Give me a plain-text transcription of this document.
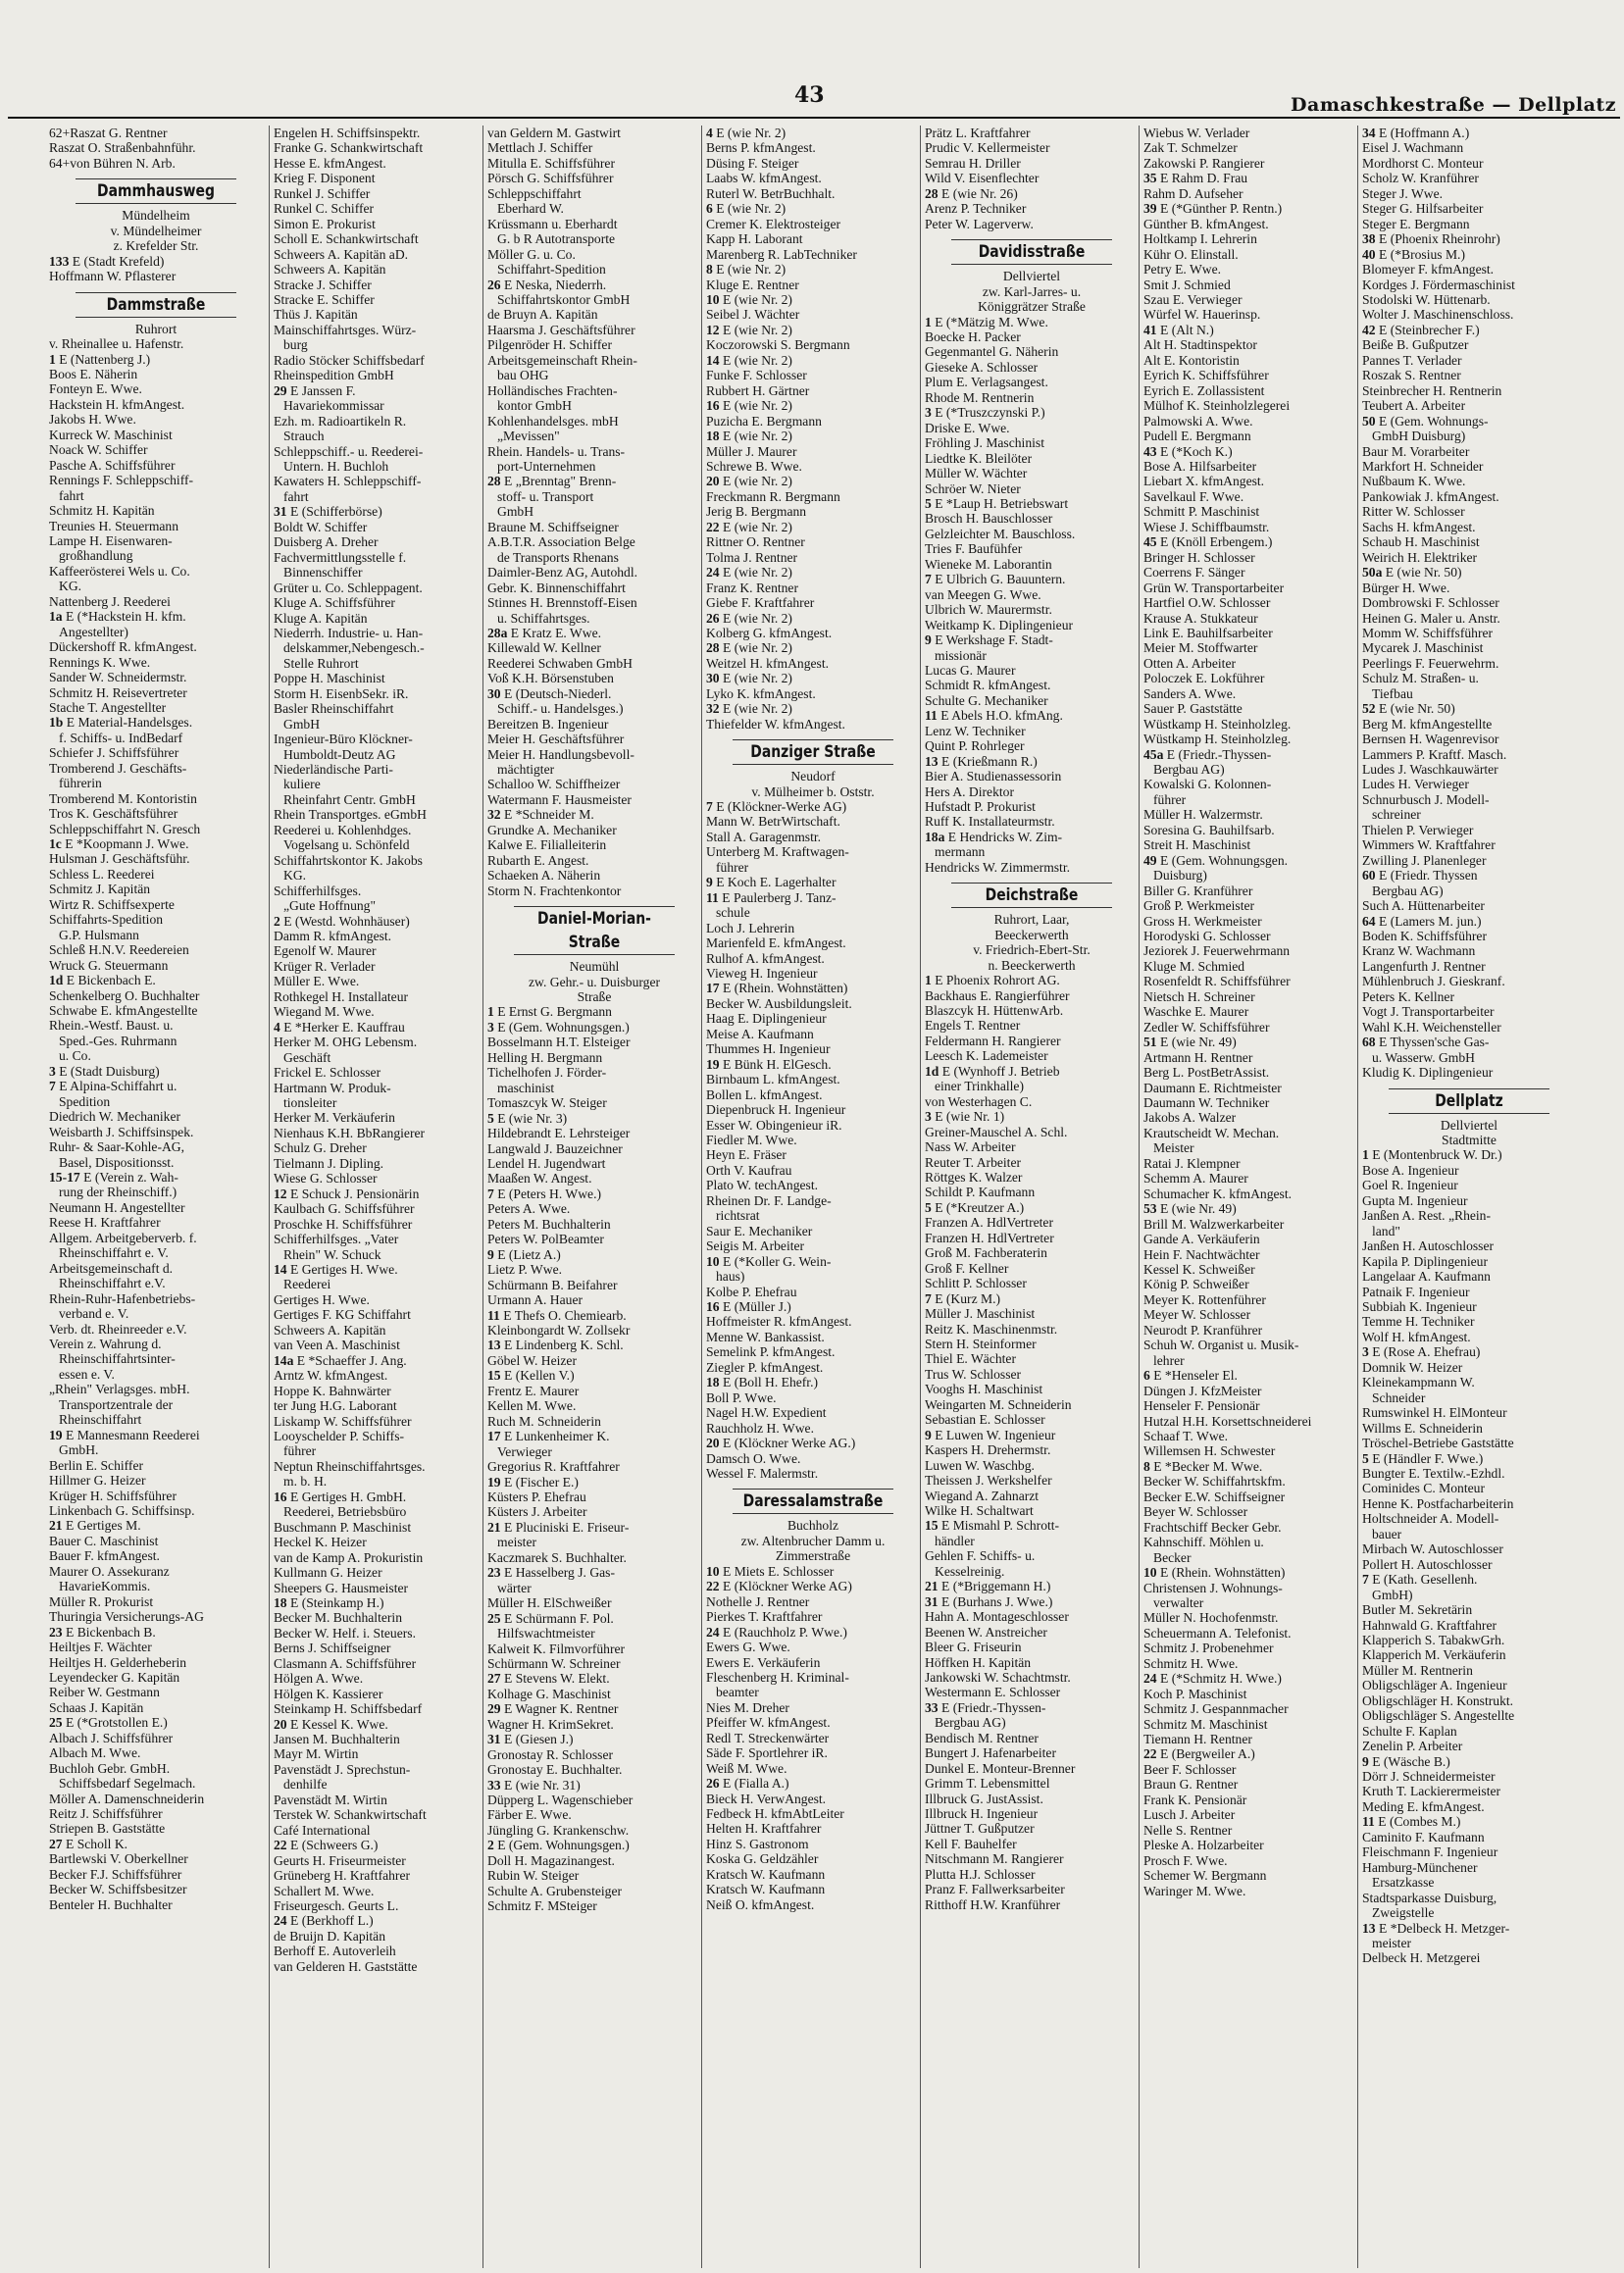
43	Damaschkestraße — Dellplatz
62+Raszat G. Rentner
Raszat O. Straßenbahnführ.
64+von Bühren N. Arb.
Dammhausweg
Mündelheim
v. Mündelheimer
z. Krefelder Str.
133 E (Stadt Krefeld)
Hoffmann W. Pflasterer
Dammstraße
Ruhrort
v. Rheinallee u. Hafenstr.
1 E (Nattenberg J.)
Boos E. Näherin
Fonteyn E. Wwe.
Hackstein H. kfmAngest.
Jakobs H. Wwe.
Kurreck W. Maschinist
Noack W. Schiffer
Pasche A. Schiffsführer
Rennings F. Schleppschiff-
fahrt
Schmitz H. Kapitän
Treunies H. Steuermann
Lampe H. Eisenwaren-
großhandlung
Kaffeerösterei Wels u. Co.
KG.
Nattenberg J. Reederei
1a E (*Hackstein H. kfm.
Angestellter)
Dückershoff R. kfmAngest.
Rennings K. Wwe.
Sander W. Schneidermstr.
Schmitz H. Reisevertreter
Stache T. Angestellter
1b E Material-Handelsges.
f. Schiffs- u. IndBedarf
Schiefer J. Schiffsführer
Tromberend J. Geschäfts-
führerin
Tromberend M. Kontoristin
Tros K. Geschäftsführer
Schleppschiffahrt N. Gresch
1c E *Koopmann J. Wwe.
Hulsman J. Geschäftsführ.
Schless L. Reederei
Schmitz J. Kapitän
Wirtz R. Schiffsexperte
Schiffahrts-Spedition
G.P. Hulsmann
Schleß H.N.V. Reedereien
Wruck G. Steuermann
1d E Bickenbach E.
Schenkelberg O. Buchhalter
Schwabe E. kfmAngestellte
Rhein.-Westf. Baust. u.
Sped.-Ges. Ruhrmann
u. Co.
3 E (Stadt Duisburg)
7 E Alpina-Schiffahrt u.
Spedition
Diedrich W. Mechaniker
Weisbarth J. Schiffsinspek.
Ruhr- & Saar-Kohle-AG,
Basel, Dispositionsst.
15-17 E (Verein z. Wah-
rung der Rheinschiff.)
Neumann H. Angestellter
Reese H. Kraftfahrer
Allgem. Arbeitgeberverb. f.
Rheinschiffahrt e. V.
Arbeitsgemeinschaft d.
Rheinschiffahrt e.V.
Rhein-Ruhr-Hafenbetriebs-
verband e. V.
Verb. dt. Rheinreeder e.V.
Verein z. Wahrung d.
Rheinschiffahrtsinter-
essen e. V.
„Rhein" Verlagsges. mbH.
Transportzentrale der
Rheinschiffahrt
19 E Mannesmann Reederei
GmbH.
Berlin E. Schiffer
Hillmer G. Heizer
Krüger H. Schiffsführer
Linkenbach G. Schiffsinsp.
21 E Gertiges M.
Bauer C. Maschinist
Bauer F. kfmAngest.
Maurer O. Assekuranz
HavarieKommis.
Müller R. Prokurist
Thuringia Versicherungs-AG
23 E Bickenbach B.
Heiltjes F. Wächter
Heiltjes H. Gelderheberin
Leyendecker G. Kapitän
Reiber W. Gestmann
Schaas J. Kapitän
25 E (*Grotstollen E.)
Albach J. Schiffsführer
Albach M. Wwe.
Buchloh Gebr. GmbH.
Schiffsbedarf Segelmach.
Möller A. Damenschneiderin
Reitz J. Schiffsführer
Striepen B. Gaststätte
27 E Scholl K.
Bartlewski V. Oberkellner
Becker F.J. Schiffsführer
Becker W. Schiffsbesitzer
Benteler H. Buchhalter
Engelen H. Schiffsinspektr.
Franke G. Schankwirtschaft
Hesse E. kfmAngest.
Krieg F. Disponent
Runkel J. Schiffer
Runkel C. Schiffer
Simon E. Prokurist
Scholl E. Schankwirtschaft
Schweers A. Kapitän aD.
Schweers A. Kapitän
Stracke J. Schiffer
Stracke E. Schiffer
Thüs J. Kapitän
Mainschiffahrtsges. Würz-
burg
Radio Stöcker Schiffsbedarf
Rheinspedition GmbH
29 E Janssen F.
Havariekommissar
Ezh. m. Radioartikeln R.
Strauch
Schleppschiff.- u. Reederei-
Untern. H. Buchloh
Kawaters H. Schleppschiff-
fahrt
31 E (Schifferbörse)
Boldt W. Schiffer
Duisberg A. Dreher
Fachvermittlungsstelle f.
Binnenschiffer
Grüter u. Co. Schleppagent.
Kluge A. Schiffsführer
Kluge A. Kapitän
Niederrh. Industrie- u. Han-
delskammer,Nebengesch.-
Stelle Ruhrort
Poppe H. Maschinist
Storm H. EisenbSekr. iR.
Basler Rheinschiffahrt
GmbH
Ingenieur-Büro Klöckner-
Humboldt-Deutz AG
Niederländische Parti-
kuliere
Rheinfahrt Centr. GmbH
Rhein Transportges. eGmbH
Reederei u. Kohlenhdges.
Vogelsang u. Schönfeld
Schiffahrtskontor K. Jakobs
KG.
Schifferhilfsges.
„Gute Hoffnung"
2 E (Westd. Wohnhäuser)
Damm R. kfmAngest.
Egenolf W. Maurer
Krüger R. Verlader
Müller E. Wwe.
Rothkegel H. Installateur
Wiegand M. Wwe.
4 E *Herker E. Kauffrau
Herker M. OHG Lebensm.
Geschäft
Frickel E. Schlosser
Hartmann W. Produk-
tionsleiter
Herker M. Verkäuferin
Nienhaus K.H. BbRangierer
Schulz G. Dreher
Tielmann J. Dipling.
Wiese G. Schlosser
12 E Schuck J. Pensionärin
Kaulbach G. Schiffsführer
Proschke H. Schiffsführer
Schifferhilfsges. „Vater
Rhein" W. Schuck
14 E Gertiges H. Wwe.
Reederei
Gertiges H. Wwe.
Gertiges F. KG Schiffahrt
Schweers A. Kapitän
van Veen A. Maschinist
14a E *Schaeffer J. Ang.
Arntz W. kfmAngest.
Hoppe K. Bahnwärter
ter Jung H.G. Laborant
Liskamp W. Schiffsführer
Looyschelder P. Schiffs-
führer
Neptun Rheinschiffahrtsges.
m. b. H.
16 E Gertiges H. GmbH.
Reederei, Betriebsbüro
Buschmann P. Maschinist
Heckel K. Heizer
van de Kamp A. Prokuristin
Kullmann G. Heizer
Sheepers G. Hausmeister
18 E (Steinkamp H.)
Becker M. Buchhalterin
Becker W. Helf. i. Steuers.
Berns J. Schiffseigner
Clasmann A. Schiffsführer
Hölgen A. Wwe.
Hölgen K. Kassierer
Steinkamp H. Schiffsbedarf
20 E Kessel K. Wwe.
Jansen M. Buchhalterin
Mayr M. Wirtin
Pavenstädt J. Sprechstun-
denhilfe
Pavenstädt M. Wirtin
Terstek W. Schankwirtschaft
Café International
22 E (Schweers G.)
Geurts H. Friseurmeister
Grüneberg H. Kraftfahrer
Schallert M. Wwe.
Friseurgesch. Geurts L.
24 E (Berkhoff L.)
de Bruijn D. Kapitän
Berhoff E. Autoverleih
van Gelderen H. Gaststätte
van Geldern M. Gastwirt
Mettlach J. Schiffer
Mitulla E. Schiffsführer
Pörsch G. Schiffsführer
Schleppschiffahrt
Eberhard W.
Krüssmann u. Eberhardt
G. b R Autotransporte
Möller G. u. Co.
Schiffahrt-Spedition
26 E Neska, Niederrh.
Schiffahrtskontor GmbH
de Bruyn A. Kapitän
Haarsma J. Geschäftsführer
Pilgenröder H. Schiffer
Arbeitsgemeinschaft Rhein-
bau OHG
Holländisches Frachten-
kontor GmbH
Kohlenhandelsges. mbH
„Mevissen"
Rhein. Handels- u. Trans-
port-Unternehmen
28 E „Brenntag" Brenn-
stoff- u. Transport
GmbH
Braune M. Schiffseigner
A.B.T.R. Association Belge
de Transports Rhenans
Daimler-Benz AG, Autohdl.
Gebr. K. Binnenschiffahrt
Stinnes H. Brennstoff-Eisen
u. Schiffahrtsges.
28a E Kratz E. Wwe.
Killewald W. Kellner
Reederei Schwaben GmbH
Voß K.H. Börsenstuben
30 E (Deutsch-Niederl.
Schiff.- u. Handelsges.)
Bereitzen B. Ingenieur
Meier H. Geschäftsführer
Meier H. Handlungsbevoll-
mächtigter
Schalloo W. Schiffheizer
Watermann F. Hausmeister
32 E *Schneider M.
Grundke A. Mechaniker
Kalwe E. Filialleiterin
Rubarth E. Angest.
Schaeken A. Näherin
Storm N. Frachtenkontor
Daniel-Morian-Straße
Neumühl
zw. Gehr.- u. Duisburger
Straße
1 E Ernst G. Bergmann
3 E (Gem. Wohnungsgen.)
Bosselmann H.T. Elsteiger
Helling H. Bergmann
Tichelhofen J. Förder-
maschinist
Tomaszcyk W. Steiger
5 E (wie Nr. 3)
Hildebrandt E. Lehrsteiger
Langwald J. Bauzeichner
Lendel H. Jugendwart
Maaßen W. Angest.
7 E (Peters H. Wwe.)
Peters A. Wwe.
Peters M. Buchhalterin
Peters W. PolBeamter
9 E (Lietz A.)
Lietz P. Wwe.
Schürmann B. Beifahrer
Urmann A. Hauer
11 E Thefs O. Chemiearb.
Kleinbongardt W. Zollsekr
13 E Lindenberg K. Schl.
Göbel W. Heizer
15 E (Kellen V.)
Frentz E. Maurer
Kellen M. Wwe.
Ruch M. Schneiderin
17 E Lunkenheimer K.
Verwieger
Gregorius R. Kraftfahrer
19 E (Fischer E.)
Küsters P. Ehefrau
Küsters J. Arbeiter
21 E Pluciniski E. Friseur-
meister
Kaczmarek S. Buchhalter.
23 E Hasselberg J. Gas-
wärter
Müller H. ElSchweißer
25 E Schürmann F. Pol.
Hilfswachtmeister
Kalweit K. Filmvorführer
Schürmann W. Schreiner
27 E Stevens W. Elekt.
Kolhage G. Maschinist
29 E Wagner K. Rentner
Wagner H. KrimSekret.
31 E (Giesen J.)
Gronostay R. Schlosser
Gronostay E. Buchhalter.
33 E (wie Nr. 31)
Düpperg L. Wagenschieber
Färber E. Wwe.
Jüngling G. Krankenschw.
2 E (Gem. Wohnungsgen.)
Doll H. Magazinangest.
Rubin W. Steiger
Schulte A. Grubensteiger
Schmitz F. MSteiger
4 E (wie Nr. 2)
Berns P. kfmAngest.
Düsing F. Steiger
Laabs W. kfmAngest.
Ruterl W. BetrBuchhalt.
6 E (wie Nr. 2)
Cremer K. Elektrosteiger
Kapp H. Laborant
Marenberg R. LabTechniker
8 E (wie Nr. 2)
Kluge E. Rentner
10 E (wie Nr. 2)
Seibel J. Wächter
12 E (wie Nr. 2)
Koczorowski S. Bergmann
14 E (wie Nr. 2)
Funke F. Schlosser
Rubbert H. Gärtner
16 E (wie Nr. 2)
Puzicha E. Bergmann
18 E (wie Nr. 2)
Müller J. Maurer
Schrewe B. Wwe.
20 E (wie Nr. 2)
Freckmann R. Bergmann
Jerig B. Bergmann
22 E (wie Nr. 2)
Rittner O. Rentner
Tolma J. Rentner
24 E (wie Nr. 2)
Franz K. Rentner
Giebe F. Kraftfahrer
26 E (wie Nr. 2)
Kolberg G. kfmAngest.
28 E (wie Nr. 2)
Weitzel H. kfmAngest.
30 E (wie Nr. 2)
Lyko K. kfmAngest.
32 E (wie Nr. 2)
Thiefelder W. kfmAngest.
Danziger Straße
Neudorf
v. Mülheimer b. Oststr.
7 E (Klöckner-Werke AG)
Mann W. BetrWirtschaft.
Stall A. Garagenmstr.
Unterberg M. Kraftwagen-
führer
9 E Koch E. Lagerhalter
11 E Paulerberg J. Tanz-
schule
Loch J. Lehrerin
Marienfeld E. kfmAngest.
Rulhof A. kfmAngest.
Vieweg H. Ingenieur
17 E (Rhein. Wohnstätten)
Becker W. Ausbildungsleit.
Haag E. Diplingenieur
Meise A. Kaufmann
Thummes H. Ingenieur
19 E Bünk H. ElGesch.
Birnbaum L. kfmAngest.
Bollen L. kfmAngest.
Diepenbruck H. Ingenieur
Esser W. Obingenieur iR.
Fiedler M. Wwe.
Heyn E. Fräser
Orth V. Kaufrau
Plato W. techAngest.
Rheinen Dr. F. Landge-
richtsrat
Saur E. Mechaniker
Seigis M. Arbeiter
10 E (*Koller G. Wein-
haus)
Kolbe P. Ehefrau
16 E (Müller J.)
Hoffmeister R. kfmAngest.
Menne W. Bankassist.
Semelink P. kfmAngest.
Ziegler P. kfmAngest.
18 E (Boll H. Ehefr.)
Boll P. Wwe.
Nagel H.W. Expedient
Rauchholz H. Wwe.
20 E (Klöckner Werke AG.)
Damsch O. Wwe.
Wessel F. Malermstr.
Daressalamstraße
Buchholz
zw. Altenbrucher Damm u.
Zimmerstraße
10 E Miets E. Schlosser
22 E (Klöckner Werke AG)
Nothelle J. Rentner
Pierkes T. Kraftfahrer
24 E (Rauchholz P. Wwe.)
Ewers G. Wwe.
Ewers E. Verkäuferin
Fleschenberg H. Kriminal-
beamter
Nies M. Dreher
Pfeiffer W. kfmAngest.
Redl T. Streckenwärter
Säde F. Sportlehrer iR.
Weiß M. Wwe.
26 E (Fialla A.)
Bieck H. VerwAngest.
Fedbeck H. kfmAbtLeiter
Helten H. Kraftfahrer
Hinz S. Gastronom
Koska G. Geldzähler
Kratsch W. Kaufmann
Kratsch W. Kaufmann
Neiß O. kfmAngest.
Prätz L. Kraftfahrer
Prudic V. Kellermeister
Semrau H. Driller
Wild V. Eisenflechter
28 E (wie Nr. 26)
Arenz P. Techniker
Peter W. Lagerverw.
Davidisstraße
Dellviertel
zw. Karl-Jarres- u.
Königgrätzer Straße
1 E (*Mätzig M. Wwe.
Boecke H. Packer
Gegenmantel G. Näherin
Gieseke A. Schlosser
Plum E. Verlagsangest.
Rhode M. Rentnerin
3 E (*Truszczynski P.)
Driske E. Wwe.
Fröhling J. Maschinist
Liedtke K. Bleilöter
Müller W. Wächter
Schröer W. Nieter
5 E *Laup H. Betriebswart
Brosch H. Bauschlosser
Gelzleichter M. Bauschloss.
Tries F. Baufühfer
Wieneke M. Laborantin
7 E Ulbrich G. Bauuntern.
van Meegen G. Wwe.
Ulbrich W. Maurermstr.
Weitkamp K. Diplingenieur
9 E Werkshage F. Stadt-
missionär
Lucas G. Maurer
Schmidt R. kfmAngest.
Schulte G. Mechaniker
11 E Abels H.O. kfmAng.
Lenz W. Techniker
Quint P. Rohrleger
13 E (Krießmann R.)
Bier A. Studienassessorin
Hers A. Direktor
Hufstadt P. Prokurist
Ruff K. Installateurmstr.
18a E Hendricks W. Zim-
mermann
Hendricks W. Zimmermstr.
Deichstraße
Ruhrort, Laar,
Beeckerwerth
v. Friedrich-Ebert-Str.
n. Beeckerwerth
1 E Phoenix Rohrort AG.
Backhaus E. Rangierführer
Blaszcyk H. HüttenwArb.
Engels T. Rentner
Feldermann H. Rangierer
Leesch K. Lademeister
1d E (Wynhoff J. Betrieb
einer Trinkhalle)
von Westerhagen C.
3 E (wie Nr. 1)
Greiner-Mauschel A. Schl.
Nass W. Arbeiter
Reuter T. Arbeiter
Röttges K. Walzer
Schildt P. Kaufmann
5 E (*Kreutzer A.)
Franzen A. HdlVertreter
Franzen H. HdlVertreter
Groß M. Fachberaterin
Groß F. Kellner
Schlitt P. Schlosser
7 E (Kurz M.)
Müller J. Maschinist
Reitz K. Maschinenmstr.
Stern H. Steinformer
Thiel E. Wächter
Trus W. Schlosser
Vooghs H. Maschinist
Weingarten M. Schneiderin
Sebastian E. Schlosser
9 E Luwen W. Ingenieur
Kaspers H. Drehermstr.
Luwen W. Waschbg.
Theissen J. Werkshelfer
Wiegand A. Zahnarzt
Wilke H. Schaltwart
15 E Mismahl P. Schrott-
händler
Gehlen F. Schiffs- u.
Kesselreinig.
21 E (*Briggemann H.)
31 E (Burhans J. Wwe.)
Hahn A. Montageschlosser
Beenen W. Anstreicher
Bleer G. Friseurin
Höffken H. Kapitän
Jankowski W. Schachtmstr.
Westermann E. Schlosser
33 E (Friedr.-Thyssen-
Bergbau AG)
Bendisch M. Rentner
Bungert J. Hafenarbeiter
Dunkel E. Monteur-Brenner
Grimm T. Lebensmittel
Illbruck G. JustAssist.
Illbruck H. Ingenieur
Jüttner T. Gußputzer
Kell F. Bauhelfer
Nitschmann M. Rangierer
Plutta H.J. Schlosser
Pranz F. Fallwerksarbeiter
Ritthoff H.W. Kranführer
Wiebus W. Verlader
Zak T. Schmelzer
Zakowski P. Rangierer
35 E Rahm D. Frau
Rahm D. Aufseher
39 E (*Günther P. Rentn.)
Günther B. kfmAngest.
Holtkamp I. Lehrerin
Kühr O. Elinstall.
Petry E. Wwe.
Smit J. Schmied
Szau E. Verwieger
Würfel W. Hauerinsp.
41 E (Alt N.)
Alt H. Stadtinspektor
Alt E. Kontoristin
Eyrich K. Schiffsführer
Eyrich E. Zollassistent
Mülhof K. Steinholzlegerei
Palmowski A. Wwe.
Pudell E. Bergmann
43 E (*Koch K.)
Bose A. Hilfsarbeiter
Liebart X. kfmAngest.
Savelkaul F. Wwe.
Schmitt P. Maschinist
Wiese J. Schiffbaumstr.
45 E (Knöll Erbengem.)
Bringer H. Schlosser
Coerrens F. Sänger
Grün W. Transportarbeiter
Hartfiel O.W. Schlosser
Krause A. Stukkateur
Link E. Bauhilfsarbeiter
Meier M. Stoffwarter
Otten A. Arbeiter
Poloczek E. Lokführer
Sanders A. Wwe.
Sauer P. Gaststätte
Wüstkamp H. Steinholzleg.
Wüstkamp H. Steinholzleg.
45a E (Friedr.-Thyssen-
Bergbau AG)
Kowalski G. Kolonnen-
führer
Müller H. Walzermstr.
Soresina G. Bauhilfsarb.
Streit H. Maschinist
49 E (Gem. Wohnungsgen.
Duisburg)
Biller G. Kranführer
Groß P. Werkmeister
Gross H. Werkmeister
Horodyski G. Schlosser
Jeziorek J. Feuerwehrmann
Kluge M. Schmied
Rosenfeldt R. Schiffsführer
Nietsch H. Schreiner
Waschke E. Maurer
Zedler W. Schiffsführer
51 E (wie Nr. 49)
Artmann H. Rentner
Berg L. PostBetrAssist.
Daumann E. Richtmeister
Daumann W. Techniker
Jakobs A. Walzer
Krautscheidt W. Mechan.
Meister
Ratai J. Klempner
Schemm A. Maurer
Schumacher K. kfmAngest.
53 E (wie Nr. 49)
Brill M. Walzwerkarbeiter
Gande A. Verkäuferin
Hein F. Nachtwächter
Kessel K. Schweißer
König P. Schweißer
Meyer K. Rottenführer
Meyer W. Schlosser
Neurodt P. Kranführer
Schuh W. Organist u. Musik-
lehrer
6 E *Henseler El.
Düngen J. KfzMeister
Henseler F. Pensionär
Hutzal H.H. Korsettschneiderei
Schaaf T. Wwe.
Willemsen H. Schwester
8 E *Becker M. Wwe.
Becker W. Schiffahrtskfm.
Becker E.W. Schiffseigner
Beyer W. Schlosser
Frachtschiff Becker Gebr.
Kahnschiff. Möhlen u.
Becker
10 E (Rhein. Wohnstätten)
Christensen J. Wohnungs-
verwalter
Müller N. Hochofenmstr.
Scheuermann A. Telefonist.
Schmitz J. Probenehmer
Schmitz H. Wwe.
24 E (*Schmitz H. Wwe.)
Koch P. Maschinist
Schmitz J. Gespannmacher
Schmitz M. Maschinist
Tiemann H. Rentner
22 E (Bergweiler A.)
Beer F. Schlosser
Braun G. Rentner
Frank K. Pensionär
Lusch J. Arbeiter
Nelle S. Rentner
Pleske A. Holzarbeiter
Prosch F. Wwe.
Schemer W. Bergmann
Waringer M. Wwe.
34 E (Hoffmann A.)
Eisel J. Wachmann
Mordhorst C. Monteur
Scholz W. Kranführer
Steger J. Wwe.
Steger G. Hilfsarbeiter
Steger E. Bergmann
38 E (Phoenix Rheinrohr)
40 E (*Brosius M.)
Blomeyer F. kfmAngest.
Kordges J. Fördermaschinist
Stodolski W. Hüttenarb.
Wolter J. Maschinenschloss.
42 E (Steinbrecher F.)
Beiße B. Gußputzer
Pannes T. Verlader
Roszak S. Rentner
Steinbrecher H. Rentnerin
Teubert A. Arbeiter
50 E (Gem. Wohnungs-
GmbH Duisburg)
Baur M. Vorarbeiter
Markfort H. Schneider
Nußbaum K. Wwe.
Pankowiak J. kfmAngest.
Ritter W. Schlosser
Sachs H. kfmAngest.
Schaub H. Maschinist
Weirich H. Elektriker
50a E (wie Nr. 50)
Bürger H. Wwe.
Dombrowski F. Schlosser
Heinen G. Maler u. Anstr.
Momm W. Schiffsführer
Mycarek J. Maschinist
Peerlings F. Feuerwehrm.
Schulz M. Straßen- u.
Tiefbau
52 E (wie Nr. 50)
Berg M. kfmAngestellte
Bernsen H. Wagenrevisor
Lammers P. Kraftf. Masch.
Ludes J. Waschkauwärter
Ludes H. Verwieger
Schnurbusch J. Modell-
schreiner
Thielen P. Verwieger
Wimmers W. Kraftfahrer
Zwilling J. Planenleger
60 E (Friedr. Thyssen
Bergbau AG)
Such A. Hüttenarbeiter
64 E (Lamers M. jun.)
Boden K. Schiffsführer
Kranz W. Wachmann
Langenfurth J. Rentner
Mühlenbruch J. Gieskranf.
Peters K. Kellner
Vogt J. Transportarbeiter
Wahl K.H. Weichensteller
68 E Thyssen'sche Gas-
u. Wasserw. GmbH
Kludig K. Diplingenieur
Dellplatz
Dellviertel
Stadtmitte
1 E (Montenbruck W. Dr.)
Bose A. Ingenieur
Goel R. Ingenieur
Gupta M. Ingenieur
Janßen A. Rest. „Rhein-
land"
Janßen H. Autoschlosser
Kapila P. Diplingenieur
Langelaar A. Kaufmann
Patnaik F. Ingenieur
Subbiah K. Ingenieur
Temme H. Techniker
Wolf H. kfmAngest.
3 E (Rose A. Ehefrau)
Domnik W. Heizer
Kleinekampmann W.
Schneider
Rumswinkel H. ElMonteur
Willms E. Schneiderin
Tröschel-Betriebe Gaststätte
5 E (Händler F. Wwe.)
Bungter E. Textilw.-Ezhdl.
Cominides C. Monteur
Henne K. Postfacharbeiterin
Holtschneider A. Modell-
bauer
Mirbach W. Autoschlosser
Pollert H. Autoschlosser
7 E (Kath. Gesellenh.
GmbH)
Butler M. Sekretärin
Hahnwald G. Kraftfahrer
Klapperich S. TabakwGrh.
Klapperich M. Verkäuferin
Müller M. Rentnerin
Obligschläger A. Ingenieur
Obligschläger H. Konstrukt.
Obligschläger S. Angestellte
Schulte F. Kaplan
Zenelin P. Arbeiter
9 E (Wäsche B.)
Dörr J. Schneidermeister
Kruth T. Lackierermeister
Meding E. kfmAngest.
11 E (Combes M.)
Caminito F. Kaufmann
Fleischmann F. Ingenieur
Hamburg-Münchener
Ersatzkasse
Stadtsparkasse Duisburg,
Zweigstelle
13 E *Delbeck H. Metzger-
meister
Delbeck H. Metzgerei
